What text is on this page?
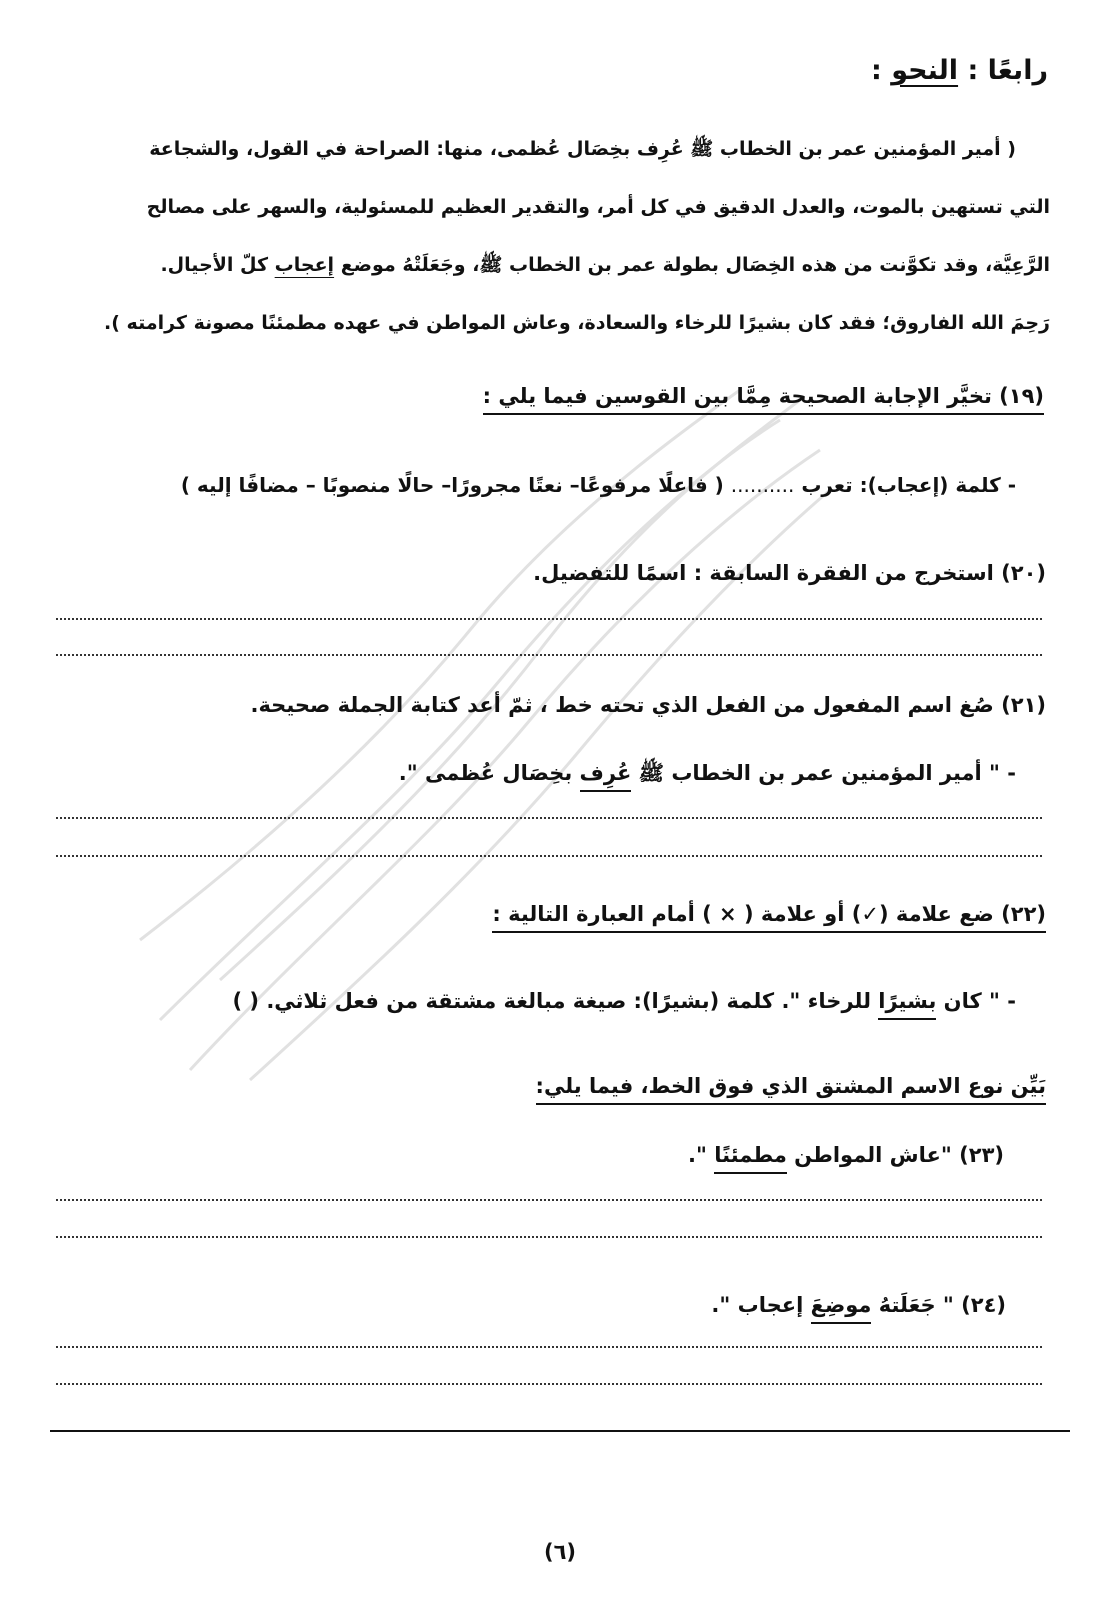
رابعًا : النحو :
( أمير المؤمنين عمر بن الخطاب ﷺ عُرِف بخِصَال عُظمى، منها: الصراحة في القول، والشجاعة
التي تستهين بالموت، والعدل الدقيق في كل أمر، والتقدير العظيم للمسئولية، والسهر على مصالح
الرَّعِيَّة، وقد تكوَّنت من هذه الخِصَال بطولة عمر بن الخطاب ﷺ، وجَعَلَتْهُ موضع إعجاب كلّ الأجيال.
رَحِمَ الله الفاروق؛ فقد كان بشيرًا للرخاء والسعادة، وعاش المواطن في عهده مطمئنًا مصونة كرامته ).
(١٩) تخيَّر الإجابة الصحيحة مِمَّا بين القوسين فيما يلي :
- كلمة (إعجاب): تعرب .......... ( فاعلًا مرفوعًا– نعتًا مجرورًا– حالًا منصوبًا – مضافًا إليه )
(٢٠) استخرج من الفقرة السابقة : اسمًا للتفضيل.
(٢١) صُغ اسم المفعول من الفعل الذي تحته خط ، ثمّ أعد كتابة الجملة صحيحة.
- " أمير المؤمنين عمر بن الخطاب ﷺ عُرِف بخِصَال عُظمى ".
(٢٢) ضع علامة (✓) أو علامة ( × ) أمام العبارة التالية :
- " كان بشيرًا للرخاء ". كلمة (بشيرًا): صيغة مبالغة مشتقة من فعل ثلاثي. ( )
بَيِّن نوع الاسم المشتق الذي فوق الخط، فيما يلي:
(٢٣) "عاش المواطن مطمئنًا ".
(٢٤) " جَعَلَتهُ موضِعَ إعجاب ".
(٦)
